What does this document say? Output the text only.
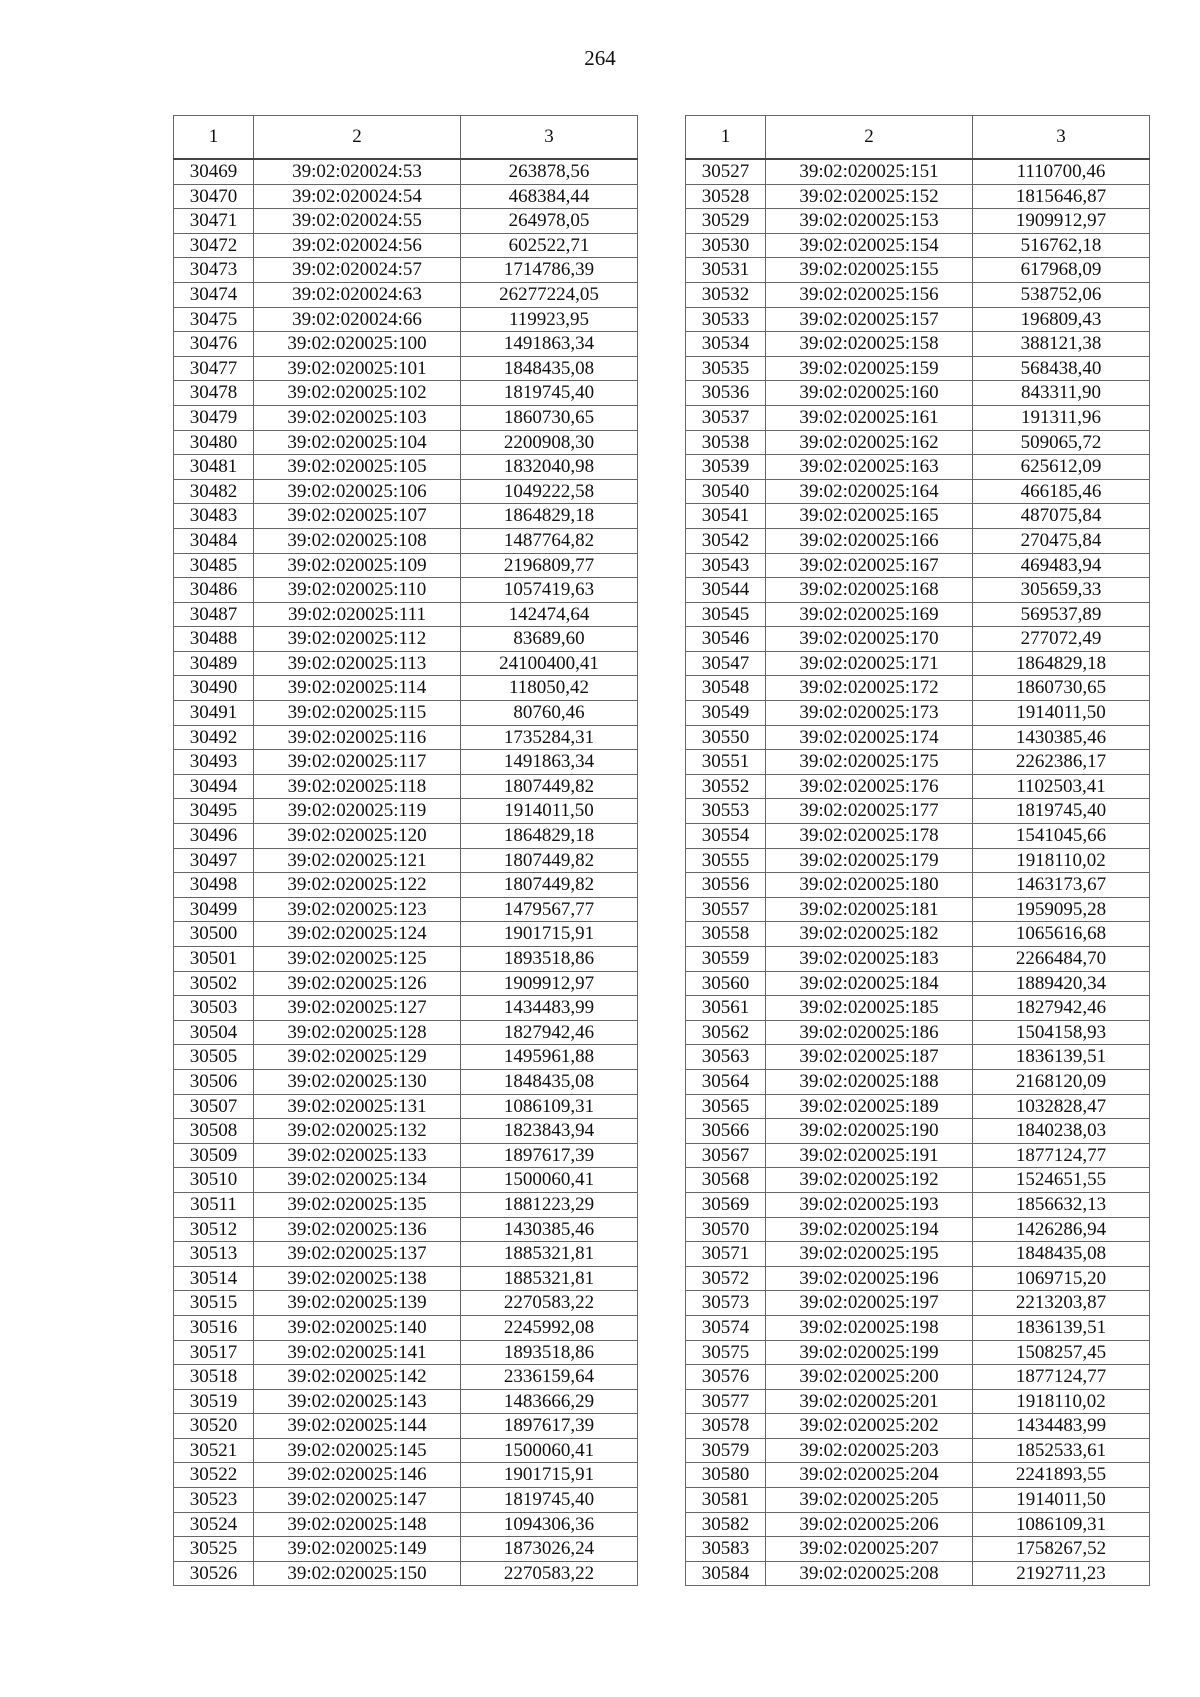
264
1	2	3
30469	39:02:020024:53	263878,56
30470	39:02:020024:54	468384,44
30471	39:02:020024:55	264978,05
30472	39:02:020024:56	602522,71
30473	39:02:020024:57	1714786,39
30474	39:02:020024:63	26277224,05
30475	39:02:020024:66	119923,95
30476	39:02:020025:100	1491863,34
30477	39:02:020025:101	1848435,08
30478	39:02:020025:102	1819745,40
30479	39:02:020025:103	1860730,65
30480	39:02:020025:104	2200908,30
30481	39:02:020025:105	1832040,98
30482	39:02:020025:106	1049222,58
30483	39:02:020025:107	1864829,18
30484	39:02:020025:108	1487764,82
30485	39:02:020025:109	2196809,77
30486	39:02:020025:110	1057419,63
30487	39:02:020025:111	142474,64
30488	39:02:020025:112	83689,60
30489	39:02:020025:113	24100400,41
30490	39:02:020025:114	118050,42
30491	39:02:020025:115	80760,46
30492	39:02:020025:116	1735284,31
30493	39:02:020025:117	1491863,34
30494	39:02:020025:118	1807449,82
30495	39:02:020025:119	1914011,50
30496	39:02:020025:120	1864829,18
30497	39:02:020025:121	1807449,82
30498	39:02:020025:122	1807449,82
30499	39:02:020025:123	1479567,77
30500	39:02:020025:124	1901715,91
30501	39:02:020025:125	1893518,86
30502	39:02:020025:126	1909912,97
30503	39:02:020025:127	1434483,99
30504	39:02:020025:128	1827942,46
30505	39:02:020025:129	1495961,88
30506	39:02:020025:130	1848435,08
30507	39:02:020025:131	1086109,31
30508	39:02:020025:132	1823843,94
30509	39:02:020025:133	1897617,39
30510	39:02:020025:134	1500060,41
30511	39:02:020025:135	1881223,29
30512	39:02:020025:136	1430385,46
30513	39:02:020025:137	1885321,81
30514	39:02:020025:138	1885321,81
30515	39:02:020025:139	2270583,22
30516	39:02:020025:140	2245992,08
30517	39:02:020025:141	1893518,86
30518	39:02:020025:142	2336159,64
30519	39:02:020025:143	1483666,29
30520	39:02:020025:144	1897617,39
30521	39:02:020025:145	1500060,41
30522	39:02:020025:146	1901715,91
30523	39:02:020025:147	1819745,40
30524	39:02:020025:148	1094306,36
30525	39:02:020025:149	1873026,24
30526	39:02:020025:150	2270583,22
1	2	3
30527	39:02:020025:151	1110700,46
30528	39:02:020025:152	1815646,87
30529	39:02:020025:153	1909912,97
30530	39:02:020025:154	516762,18
30531	39:02:020025:155	617968,09
30532	39:02:020025:156	538752,06
30533	39:02:020025:157	196809,43
30534	39:02:020025:158	388121,38
30535	39:02:020025:159	568438,40
30536	39:02:020025:160	843311,90
30537	39:02:020025:161	191311,96
30538	39:02:020025:162	509065,72
30539	39:02:020025:163	625612,09
30540	39:02:020025:164	466185,46
30541	39:02:020025:165	487075,84
30542	39:02:020025:166	270475,84
30543	39:02:020025:167	469483,94
30544	39:02:020025:168	305659,33
30545	39:02:020025:169	569537,89
30546	39:02:020025:170	277072,49
30547	39:02:020025:171	1864829,18
30548	39:02:020025:172	1860730,65
30549	39:02:020025:173	1914011,50
30550	39:02:020025:174	1430385,46
30551	39:02:020025:175	2262386,17
30552	39:02:020025:176	1102503,41
30553	39:02:020025:177	1819745,40
30554	39:02:020025:178	1541045,66
30555	39:02:020025:179	1918110,02
30556	39:02:020025:180	1463173,67
30557	39:02:020025:181	1959095,28
30558	39:02:020025:182	1065616,68
30559	39:02:020025:183	2266484,70
30560	39:02:020025:184	1889420,34
30561	39:02:020025:185	1827942,46
30562	39:02:020025:186	1504158,93
30563	39:02:020025:187	1836139,51
30564	39:02:020025:188	2168120,09
30565	39:02:020025:189	1032828,47
30566	39:02:020025:190	1840238,03
30567	39:02:020025:191	1877124,77
30568	39:02:020025:192	1524651,55
30569	39:02:020025:193	1856632,13
30570	39:02:020025:194	1426286,94
30571	39:02:020025:195	1848435,08
30572	39:02:020025:196	1069715,20
30573	39:02:020025:197	2213203,87
30574	39:02:020025:198	1836139,51
30575	39:02:020025:199	1508257,45
30576	39:02:020025:200	1877124,77
30577	39:02:020025:201	1918110,02
30578	39:02:020025:202	1434483,99
30579	39:02:020025:203	1852533,61
30580	39:02:020025:204	2241893,55
30581	39:02:020025:205	1914011,50
30582	39:02:020025:206	1086109,31
30583	39:02:020025:207	1758267,52
30584	39:02:020025:208	2192711,23
